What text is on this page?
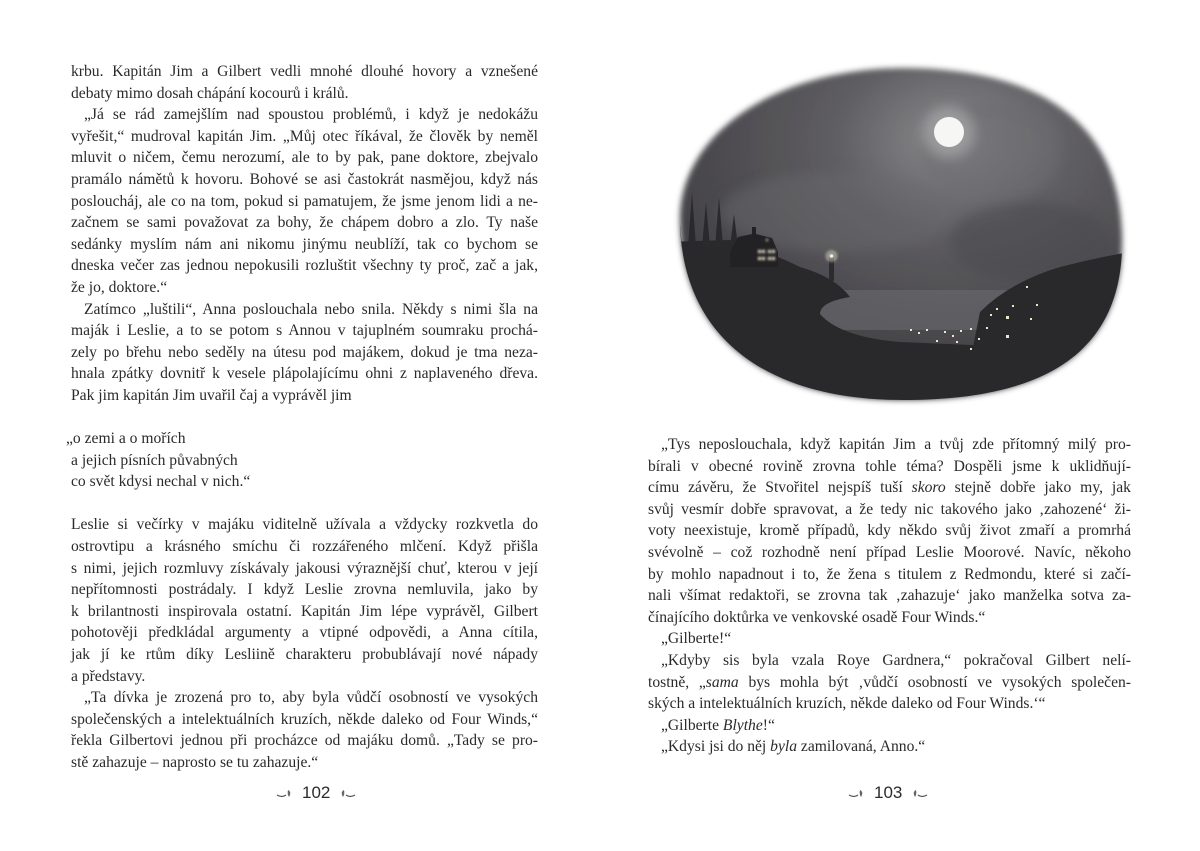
krbu. Kapitán Jim a Gilbert vedli mnohé dlouhé hovory a vznešené
debaty mimo dosah chápání kocourů i králů.
„Já se rád zamejšlím nad spoustou problémů, i když je nedokážu
vyřešit,“ mudroval kapitán Jim. „Můj otec říkával, že člověk by neměl
mluvit o ničem, čemu nerozumí, ale to by pak, pane doktore, zbejvalo
pramálo námětů k hovoru. Bohové se asi častokrát nasmějou, když nás
posloucháj, ale co na tom, pokud si pamatujem, že jsme jenom lidi a ne-
začnem se sami považovat za bohy, že chápem dobro a zlo. Ty naše
sedánky myslím nám ani nikomu jinýmu neublíží, tak co bychom se
dneska večer zas jednou nepokusili rozluštit všechny ty proč, zač a jak,
že jo, doktore.“
Zatímco „luštili“, Anna poslouchala nebo snila. Někdy s nimi šla na
maják i Leslie, a to se potom s Annou v tajuplném soumraku prochá-
zely po břehu nebo seděly na útesu pod majákem, dokud je tma neza-
hnala zpátky dovnitř k vesele plápolajícímu ohni z naplaveného dřeva.
Pak jim kapitán Jim uvařil čaj a vyprávěl jim
„o zemi a o mořích
a jejich písních půvabných
co svět kdysi nechal v nich.“
Leslie si večírky v majáku viditelně užívala a vždycky rozkvetla do
ostrovtipu a krásného smíchu či rozzářeného mlčení. Když přišla
s nimi, jejich rozmluvy získávaly jakousi výraznější chuť, kterou v její
nepřítomnosti postrádaly. I když Leslie zrovna nemluvila, jako by
k brilantnosti inspirovala ostatní. Kapitán Jim lépe vyprávěl, Gilbert
pohotověji předkládal argumenty a vtipné odpovědi, a Anna cítila,
jak jí ke rtům díky Lesliině charakteru probublávají nové nápady
a představy.
„Ta dívka je zrozená pro to, aby byla vůdčí osobností ve vysokých
společenských a intelektuálních kruzích, někde daleko od Four Winds,“
řekla Gilbertovi jednou při procházce od majáku domů. „Tady se pro-
stě zahazuje – naprosto se tu zahazuje.“
102
„Tys neposlouchala, když kapitán Jim a tvůj zde přítomný milý pro-
bírali v obecné rovině zrovna tohle téma? Dospěli jsme k uklidňují-
címu závěru, že Stvořitel nejspíš tuší skoro stejně dobře jako my, jak
svůj vesmír dobře spravovat, a že tedy nic takového jako ‚zahozené‘ ži-
voty neexistuje, kromě případů, kdy někdo svůj život zmaří a promrhá
svévolně – což rozhodně není případ Leslie Moorové. Navíc, někoho
by mohlo napadnout i to, že žena s titulem z Redmondu, které si začí-
nali všímat redaktoři, se zrovna tak ‚zahazuje‘ jako manželka sotva za-
čínajícího doktůrka ve venkovské osadě Four Winds.“
„Gilberte!“
„Kdyby sis byla vzala Roye Gardnera,“ pokračoval Gilbert nelí-
tostně, „sama bys mohla být ‚vůdčí osobností ve vysokých společen-
ských a intelektuálních kruzích, někde daleko od Four Winds.‘“
„Gilberte Blythe!“
„Kdysi jsi do něj byla zamilovaná, Anno.“
103
